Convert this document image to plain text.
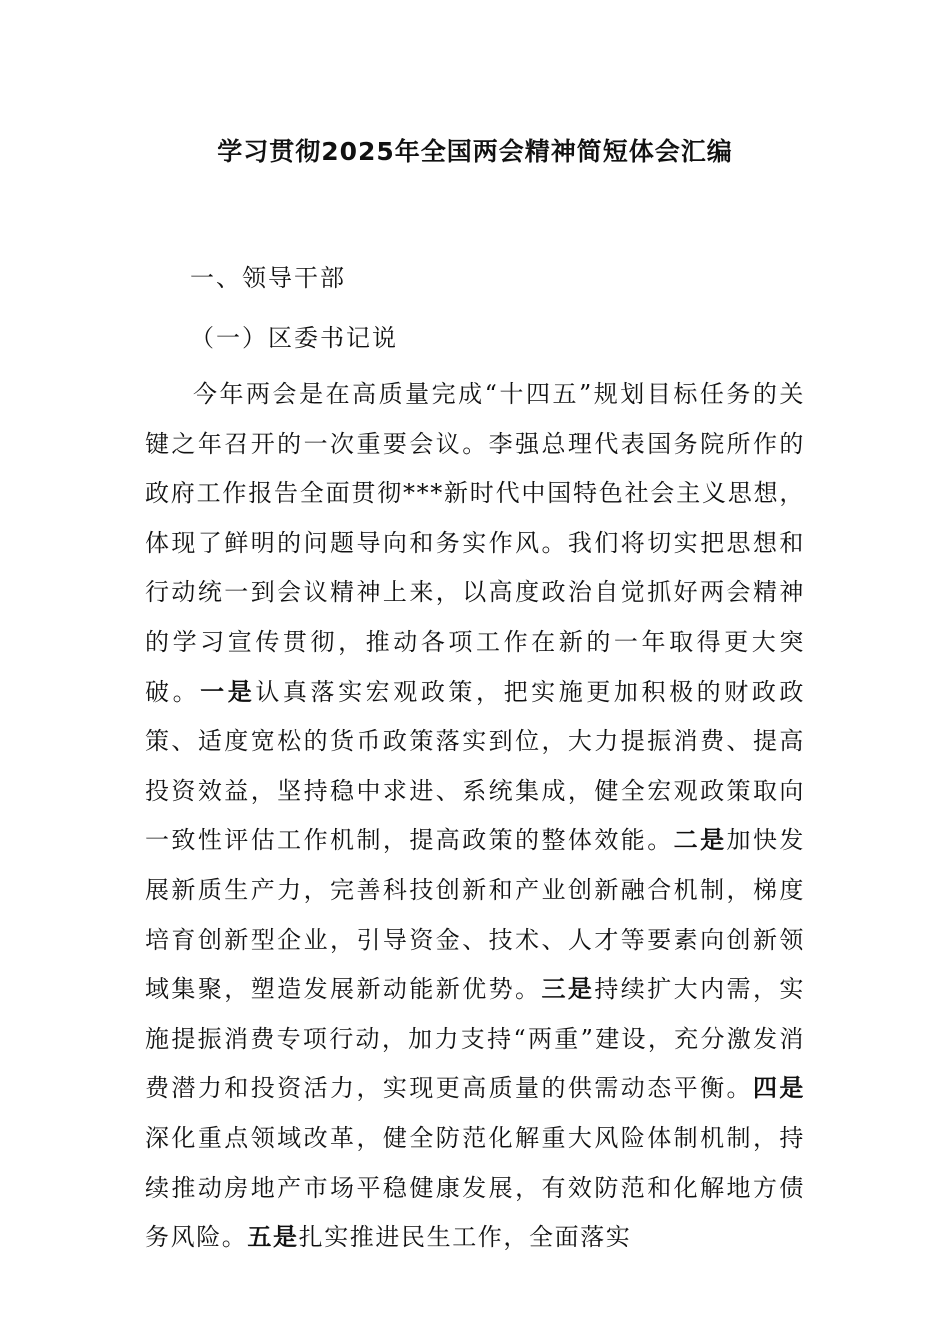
学习贯彻2025年全国两会精神简短体会汇编
一、领导干部
（一）区委书记说

今年两会是在高质量完成“十四五”规划目标任务的关键之年召开的一次重要会议。李强总理代表国务院所作的政府工作报告全面贯彻***新时代中国特色社会主义思想，体现了鲜明的问题导向和务实作风。我们将切实把思想和行动统一到会议精神上来，以高度政治自觉抓好两会精神的学习宣传贯彻，推动各项工作在新的一年取得更大突破。一是认真落实宏观政策，把实施更加积极的财政政策、适度宽松的货币政策落实到位，大力提振消费、提高投资效益，坚持稳中求进、系统集成，健全宏观政策取向一致性评估工作机制，提高政策的整体效能。二是加快发展新质生产力，完善科技创新和产业创新融合机制，梯度培育创新型企业，引导资金、技术、人才等要素向创新领域集聚，塑造发展新动能新优势。三是持续扩大内需，实施提振消费专项行动，加力支持“两重”建设，充分激发消费潜力和投资活力，实现更高质量的供需动态平衡。四是深化重点领域改革，健全防范化解重大风险体制机制，持续推动房地产市场平稳健康发展，有效防范和化解地方债务风险。五是扎实推进民生工作，全面落实
